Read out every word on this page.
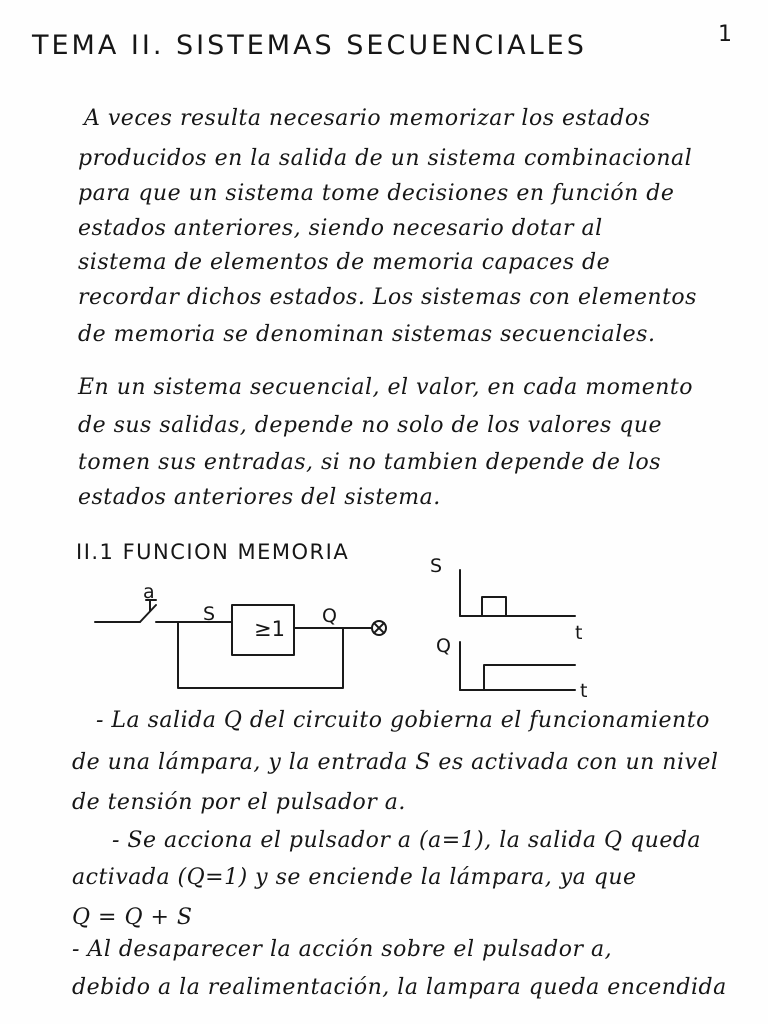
TEMA II. SISTEMAS SECUENCIALES	1
A veces resulta necesario memorizar los estados
producidos en la salida de un sistema combinacional
para que un sistema tome decisiones en función de
estados anteriores, siendo necesario dotar al
sistema de elementos de memoria capaces de
recordar dichos estados. Los sistemas con elementos
de memoria se denominan sistemas secuenciales.
En un sistema secuencial, el valor, en cada momento
de sus salidas, depende no solo de los valores que
tomen sus entradas, si no tambien depende de los
estados anteriores del sistema.
II.1 FUNCION MEMORIA
a
S
≥1
Q
S
t
Q
t
- La salida Q del circuito gobierna el funcionamiento
de una lámpara, y la entrada S es activada con un nivel
de tensión por el pulsador a.
- Se acciona el pulsador a (a=1), la salida Q queda
activada (Q=1) y se enciende la lámpara, ya que
Q = Q + S
- Al desaparecer la acción sobre el pulsador a,
debido a la realimentación, la lampara queda encendida
